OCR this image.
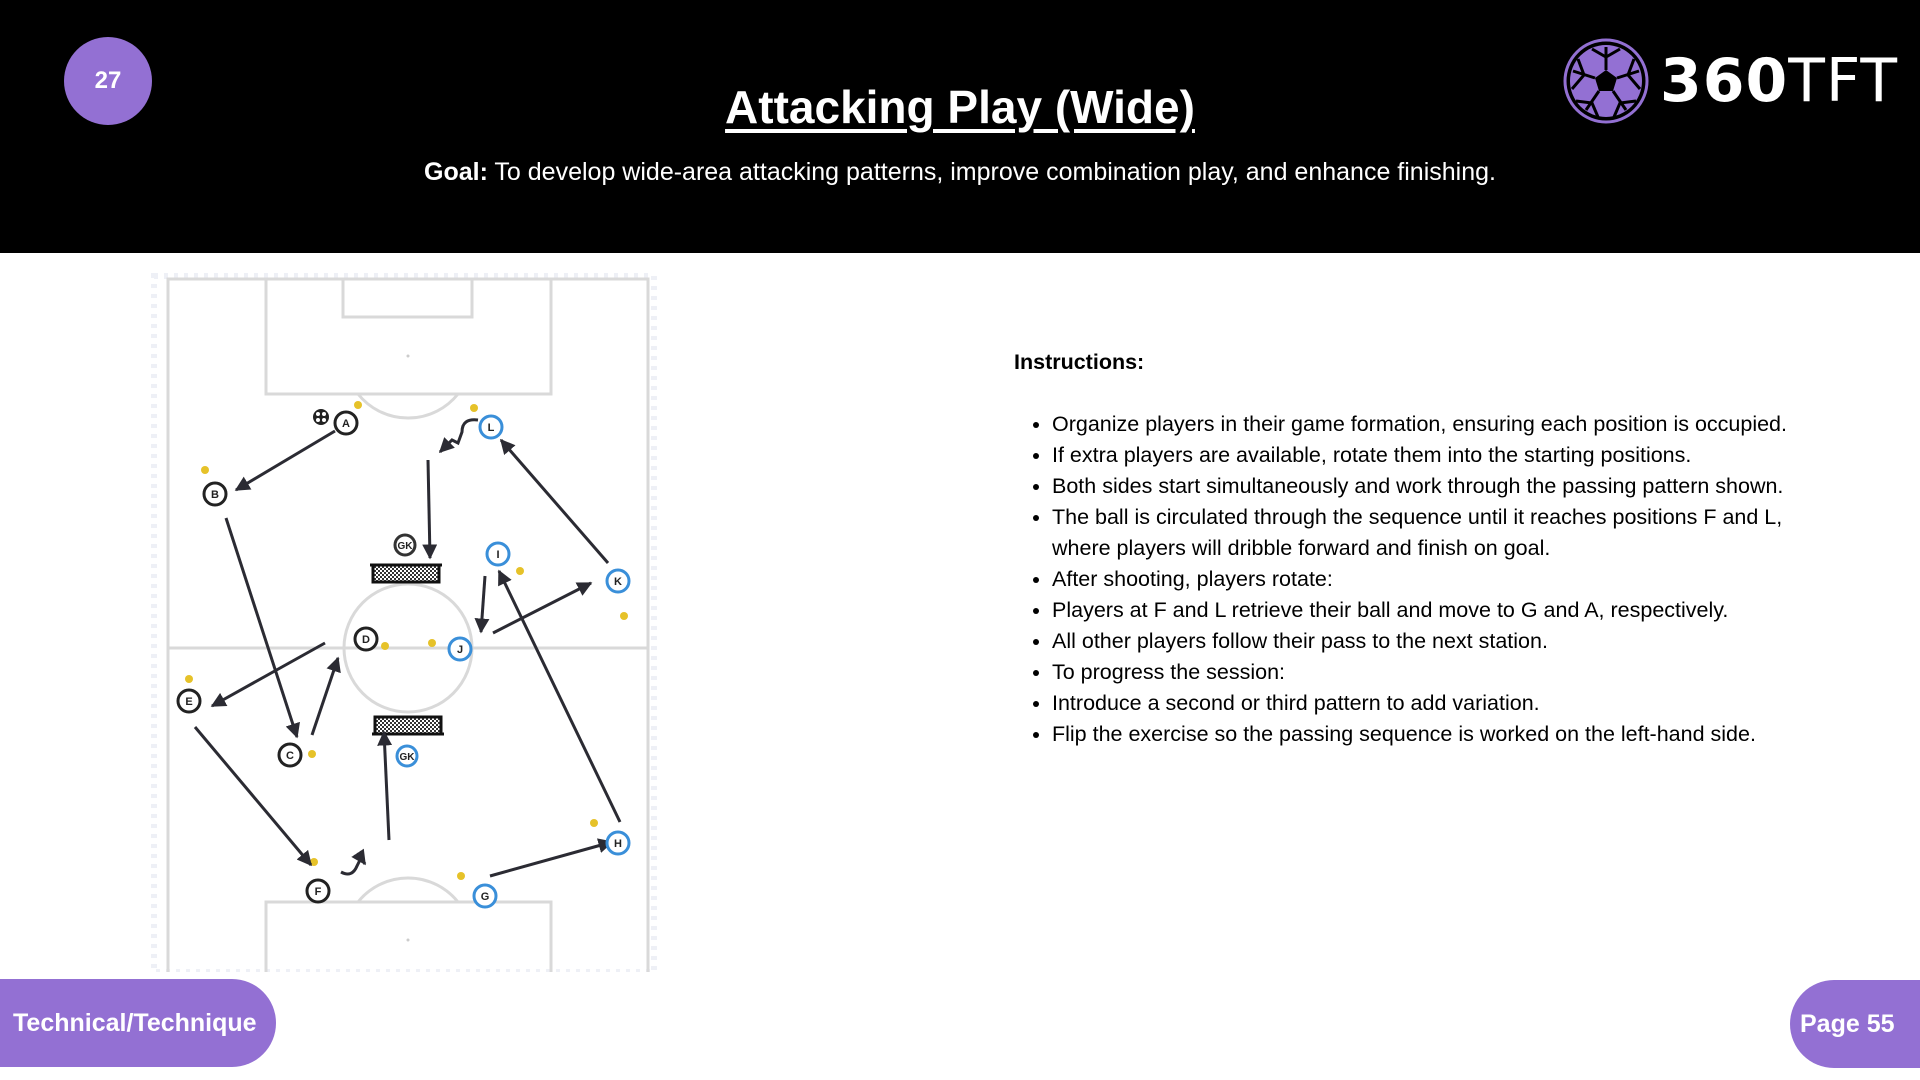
27
Attacking Play (Wide)
Goal: To develop wide-area attacking patterns, improve combination play, and enhance finishing.
360TFT
A
B
C
D
E
F
GK
G
H
I
J
K
L
GK
Instructions:
• Organize players in their game formation, ensuring each position is occupied.
• If extra players are available, rotate them into the starting positions.
• Both sides start simultaneously and work through the passing pattern shown.
• The ball is circulated through the sequence until it reaches positions F and L, where players will dribble forward and finish on goal.
• After shooting, players rotate:
• Players at F and L retrieve their ball and move to G and A, respectively.
• All other players follow their pass to the next station.
• To progress the session:
• Introduce a second or third pattern to add variation.
• Flip the exercise so the passing sequence is worked on the left-hand side.
Technical/Technique	Page 55
